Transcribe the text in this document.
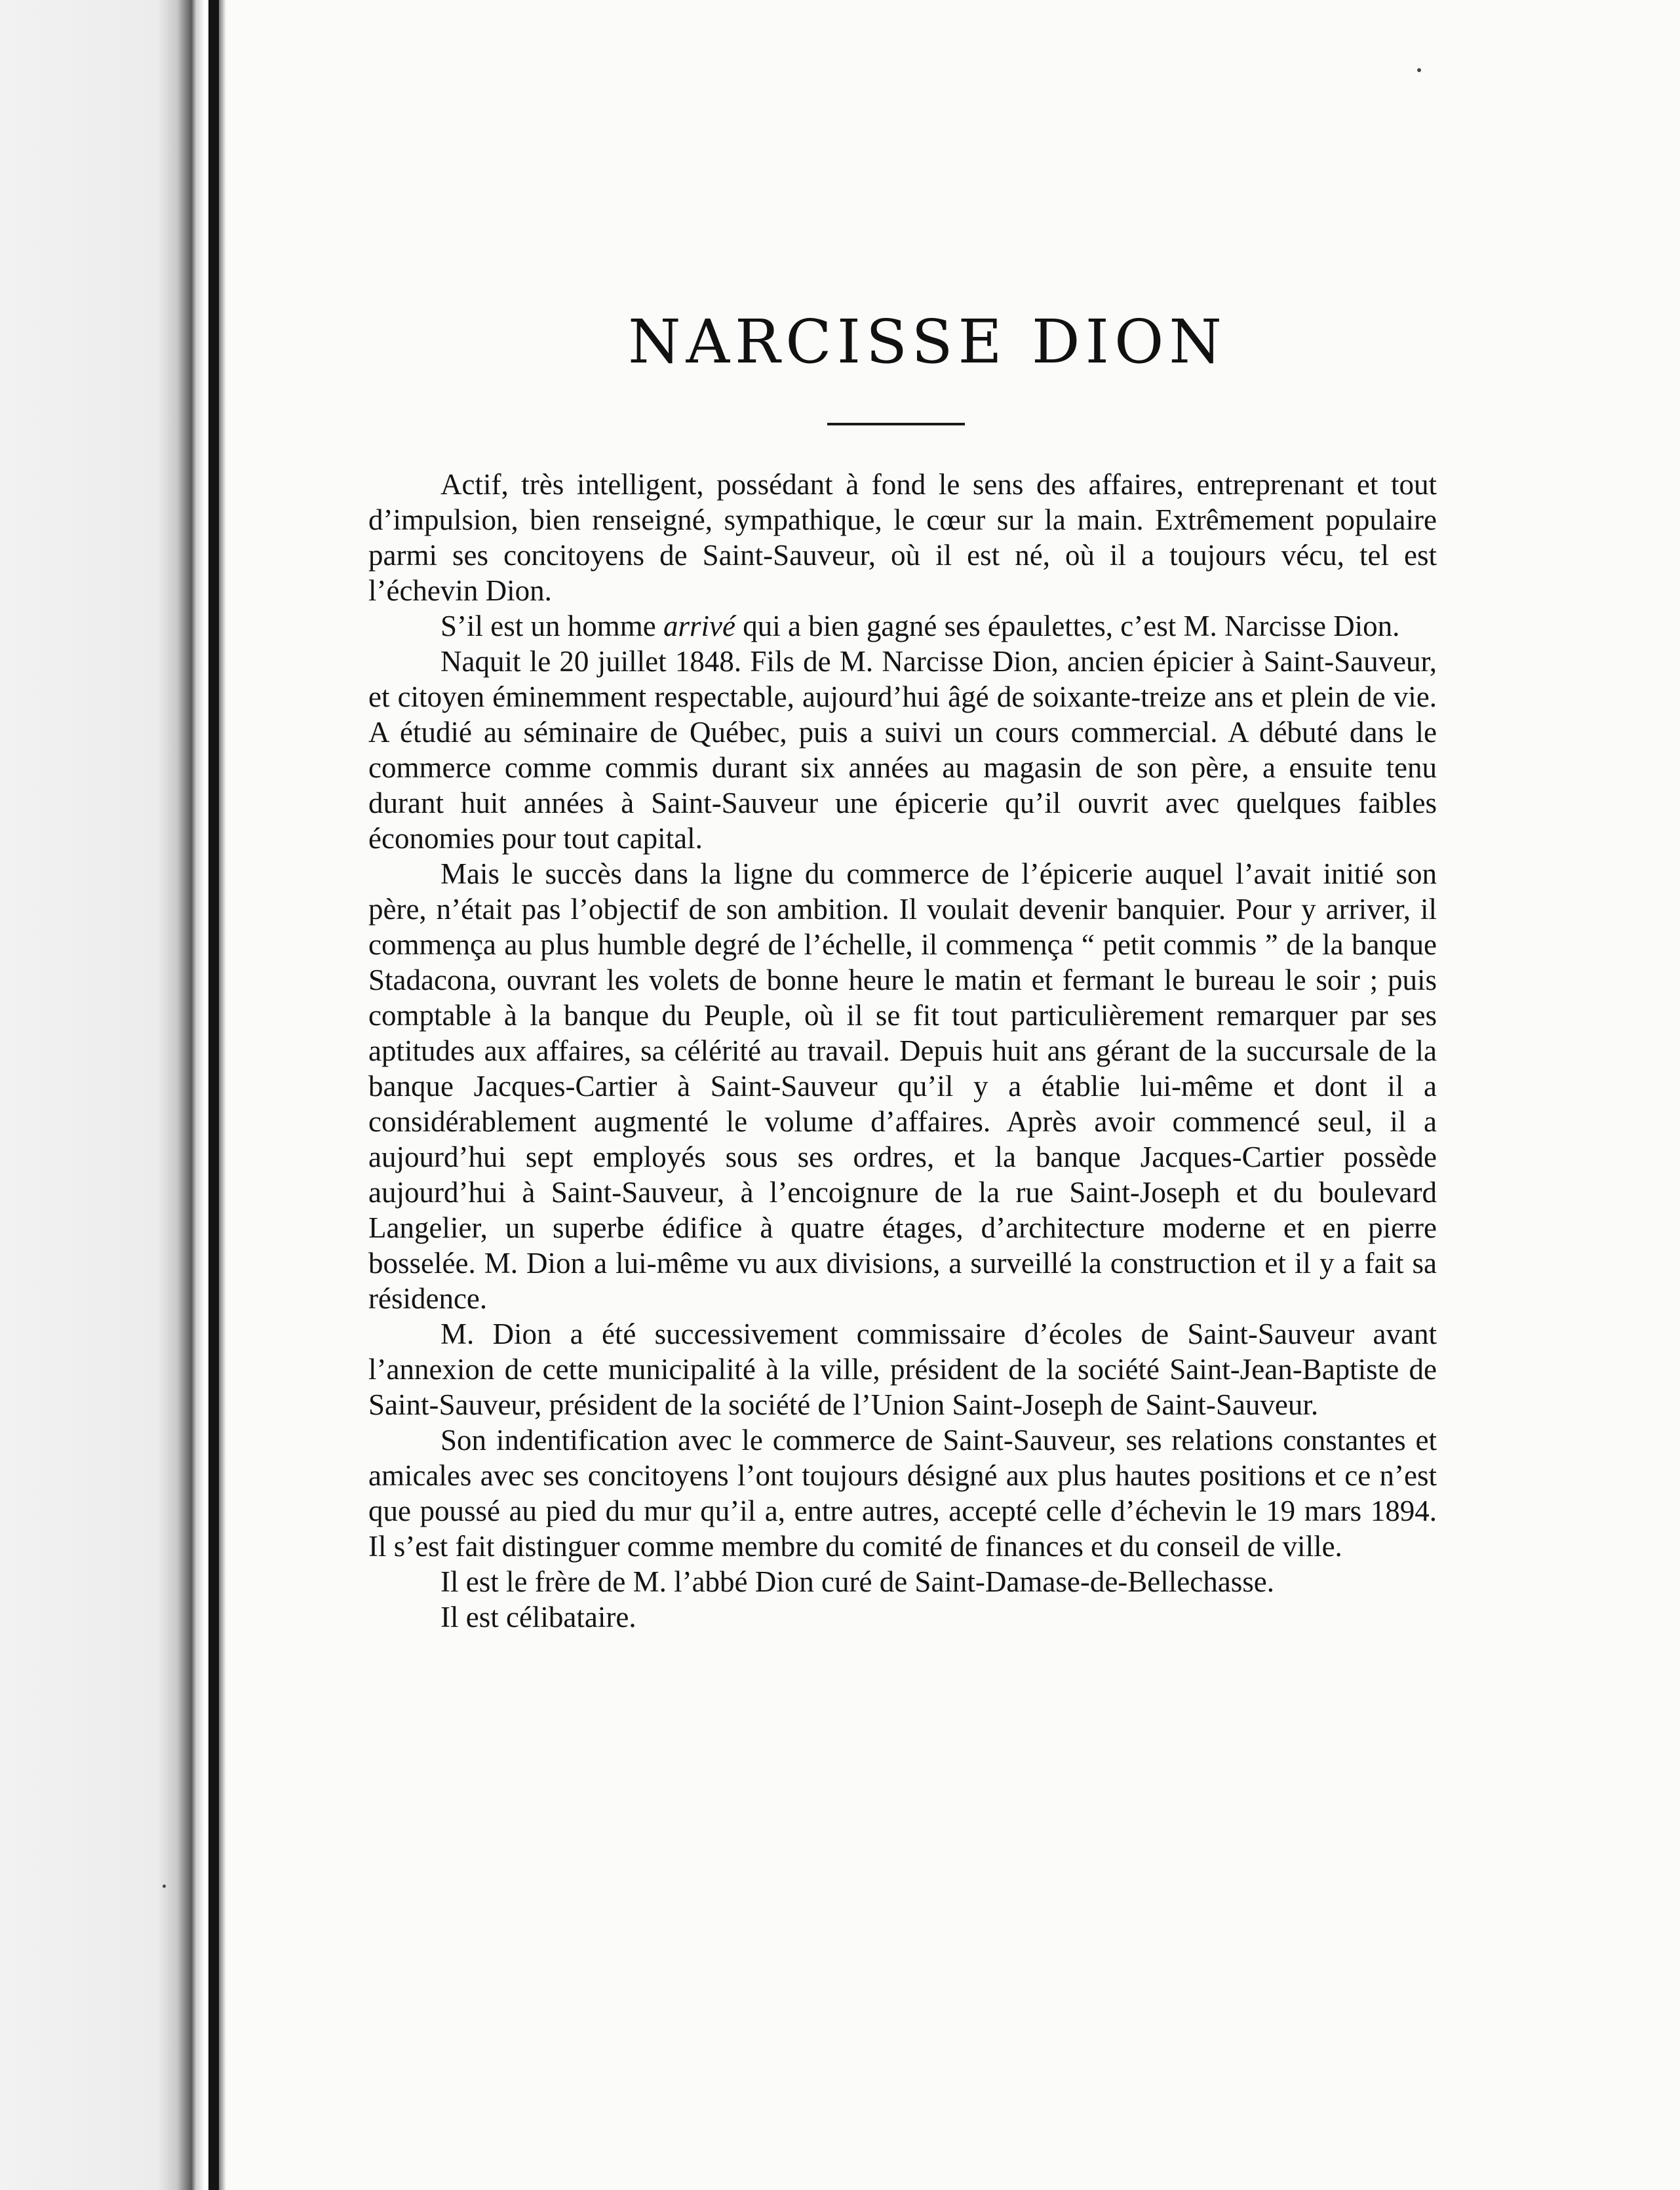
NARCISSE DION

Actif, très intelligent, possédant à fond le sens des affaires, entreprenant et tout d’impulsion, bien renseigné, sympathique, le cœur sur la main. Extrêmement populaire parmi ses concitoyens de Saint-Sauveur, où il est né, où il a toujours vécu, tel est l’échevin Dion.

S’il est un homme arrivé qui a bien gagné ses épaulettes, c’est M. Narcisse Dion.

Naquit le 20 juillet 1848. Fils de M. Narcisse Dion, ancien épicier à Saint-Sauveur, et citoyen éminemment respectable, aujourd’hui âgé de soixante-treize ans et plein de vie. A étudié au séminaire de Québec, puis a suivi un cours commercial. A débuté dans le commerce comme commis durant six années au magasin de son père, a ensuite tenu durant huit années à Saint-Sauveur une épicerie qu’il ouvrit avec quelques faibles économies pour tout capital.

Mais le succès dans la ligne du commerce de l’épicerie auquel l’avait initié son père, n’était pas l’objectif de son ambition. Il voulait devenir banquier. Pour y arriver, il commença au plus humble degré de l’échelle, il commença “ petit commis ” de la banque Stadacona, ouvrant les volets de bonne heure le matin et fermant le bureau le soir ; puis comptable à la banque du Peuple, où il se fit tout particulièrement remarquer par ses aptitudes aux affaires, sa célérité au travail. Depuis huit ans gérant de la succursale de la banque Jacques-Cartier à Saint-Sauveur qu’il y a établie lui-même et dont il a considérablement augmenté le volume d’affaires. Après avoir commencé seul, il a aujourd’hui sept employés sous ses ordres, et la banque Jacques-Cartier possède aujourd’hui à Saint-Sauveur, à l’encoignure de la rue Saint-Joseph et du boulevard Langelier, un superbe édifice à quatre étages, d’architecture moderne et en pierre bosselée. M. Dion a lui-même vu aux divisions, a surveillé la construction et il y a fait sa résidence.

M. Dion a été successivement commissaire d’écoles de Saint-Sauveur avant l’annexion de cette municipalité à la ville, président de la société Saint-Jean-Baptiste de Saint-Sauveur, président de la société de l’Union Saint-Joseph de Saint-Sauveur.

Son indentification avec le commerce de Saint-Sauveur, ses relations constantes et amicales avec ses concitoyens l’ont toujours désigné aux plus hautes positions et ce n’est que poussé au pied du mur qu’il a, entre autres, accepté celle d’échevin le 19 mars 1894. Il s’est fait distinguer comme membre du comité de finances et du conseil de ville.

Il est le frère de M. l’abbé Dion curé de Saint-Damase-de-Bellechasse.

Il est célibataire.
